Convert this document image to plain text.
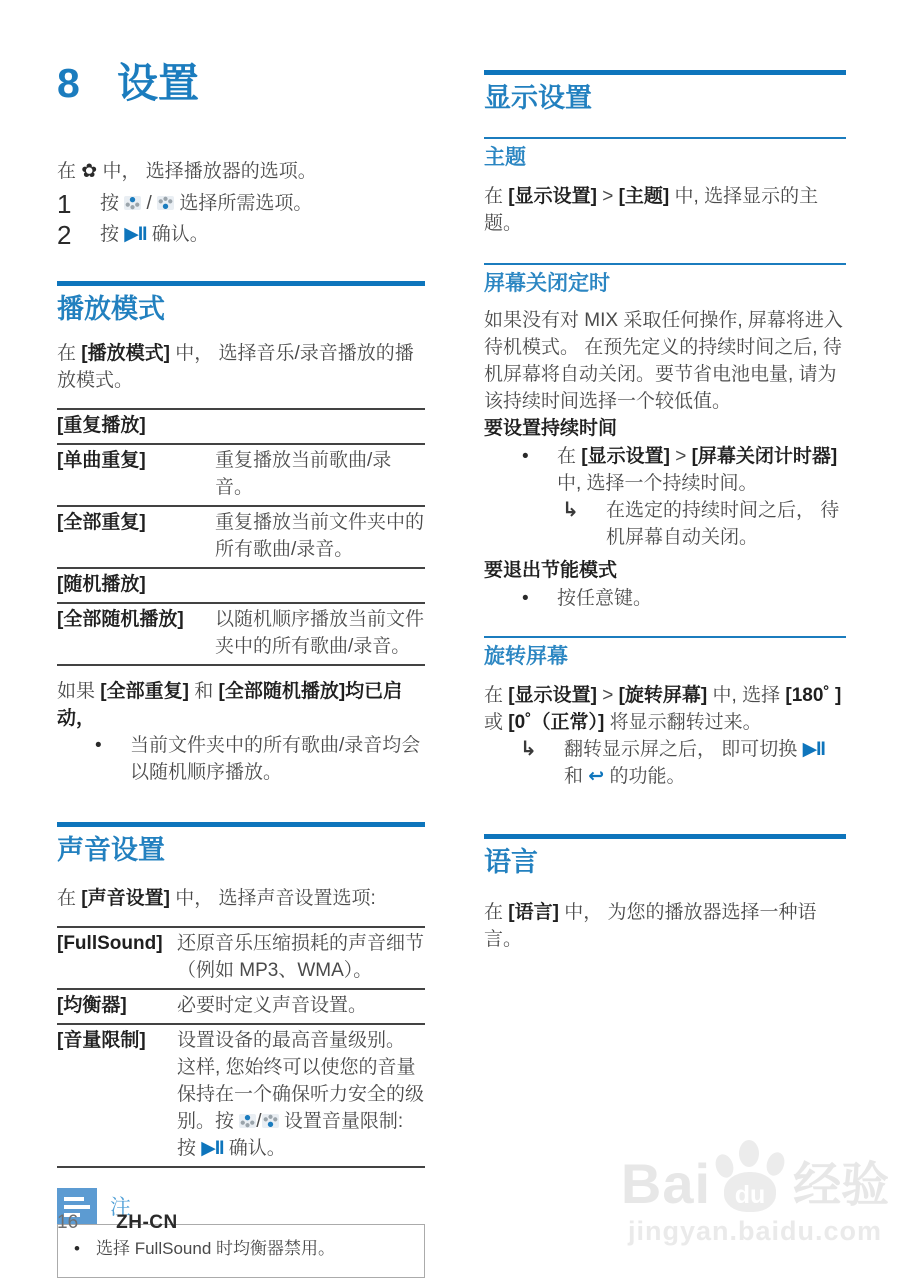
8 设置
在 ✿ 中， 选择播放器的选项。
1	按  /  选择所需选项。
2	按 ▶II 确认。
播放模式
在 [播放模式] 中， 选择音乐/录音播放的播放模式。
[重复播放]
[单曲重复]	重复播放当前歌曲/录音。
[全部重复]	重复播放当前文件夹中的所有歌曲/录音。
[随机播放]
[全部随机播放]	以随机顺序播放当前文件夹中的所有歌曲/录音。
如果 [全部重复] 和 [全部随机播放]均已启动，
•	当前文件夹中的所有歌曲/录音均会以随机顺序播放。
声音设置
在 [声音设置] 中， 选择声音设置选项:
[FullSound] 还原音乐压缩损耗的声音细节（例如 MP3、WMA）。
[均衡器]	必要时定义声音设置。
[音量限制]	设置设备的最高音量级别。 这样, 您始终可以使您的音量保持在一个确保听力安全的级别。按 / 设置音量限制: 按 ▶II 确认。
注
• 选择 FullSound 时均衡器禁用。
显示设置
主题
在 [显示设置] > [主题] 中, 选择显示的主题。
屏幕关闭定时
如果没有对 MIX 采取任何操作, 屏幕将进入待机模式。 在预先定义的持续时间之后, 待机屏幕将自动关闭。要节省电池电量, 请为该持续时间选择一个较低值。
要设置持续时间
•	在 [显示设置] > [屏幕关闭计时器] 中, 选择一个持续时间。
↳	在选定的持续时间之后， 待机屏幕自动关闭。
要退出节能模式
•	按任意键。
旋转屏幕
在 [显示设置] > [旋转屏幕] 中, 选择 [180˚ ] 或 [0˚（正常）] 将显示翻转过来。
↳	翻转显示屏之后， 即可切换 ▶II 和 ↩ 的功能。
语言
在 [语言] 中， 为您的播放器选择一种语言。
16 ZH-CN
Bai du 经验
jingyan.baidu.com
